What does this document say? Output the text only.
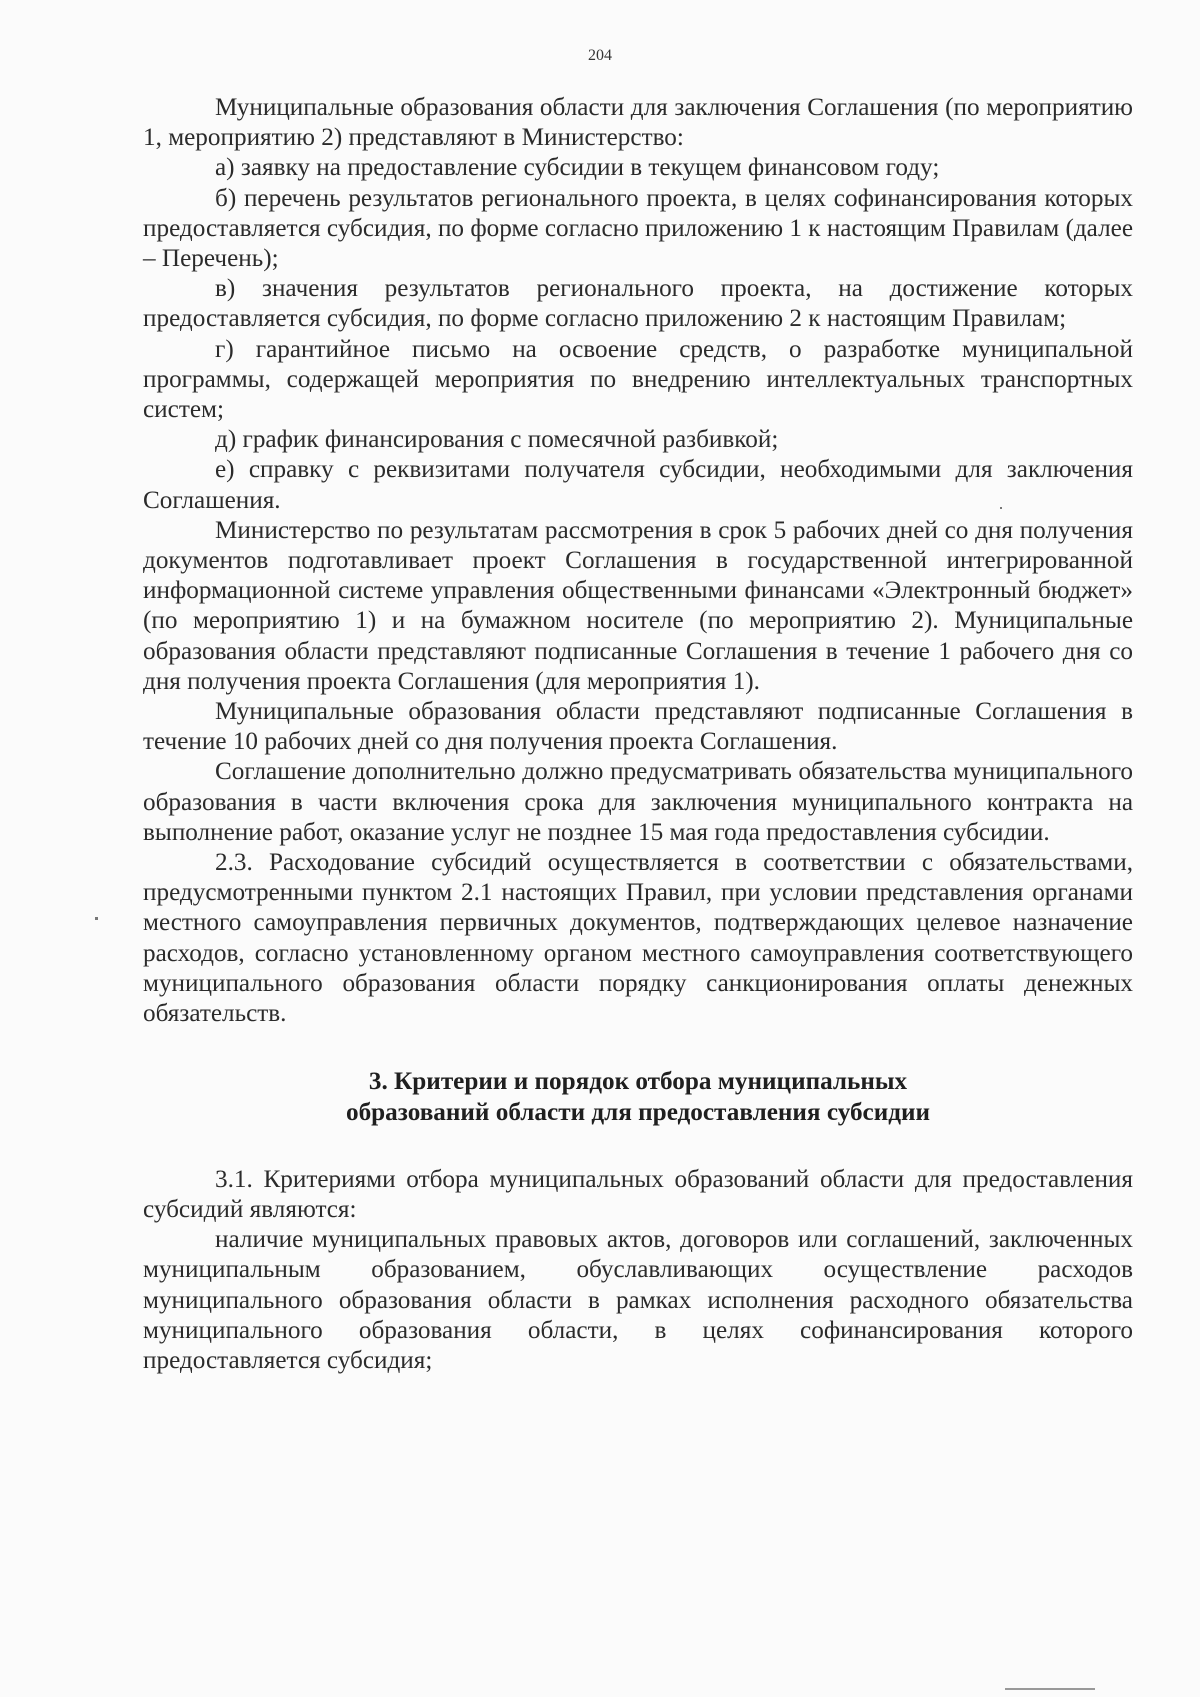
204

Муниципальные образования области для заключения Соглашения (по мероприятию 1, мероприятию 2) представляют в Министерство:

а) заявку на предоставление субсидии в текущем финансовом году;

б) перечень результатов регионального проекта, в целях софинансирования которых предоставляется субсидия, по форме согласно приложению 1 к настоящим Правилам (далее – Перечень);

в) значения результатов регионального проекта, на достижение которых предоставляется субсидия, по форме согласно приложению 2 к настоящим Правилам;

г) гарантийное письмо на освоение средств, о разработке муниципальной программы, содержащей мероприятия по внедрению интеллектуальных транспортных систем;

д) график финансирования с помесячной разбивкой;

е) справку с реквизитами получателя субсидии, необходимыми для заключения Соглашения.

Министерство по результатам рассмотрения в срок 5 рабочих дней со дня получения документов подготавливает проект Соглашения в государственной интегрированной информационной системе управления общественными финансами «Электронный бюджет» (по мероприятию 1) и на бумажном носителе (по мероприятию 2). Муниципальные образования области представляют подписанные Соглашения в течение 1 рабочего дня со дня получения проекта Соглашения (для мероприятия 1).

Муниципальные образования области представляют подписанные Соглашения в течение 10 рабочих дней со дня получения проекта Соглашения.

Соглашение дополнительно должно предусматривать обязательства муниципального образования в части включения срока для заключения муниципального контракта на выполнение работ, оказание услуг не позднее 15 мая года предоставления субсидии.

2.3. Расходование субсидий осуществляется в соответствии с обязательствами, предусмотренными пунктом 2.1 настоящих Правил, при условии представления органами местного самоуправления первичных документов, подтверждающих целевое назначение расходов, согласно установленному органом местного самоуправления соответствующего муниципального образования области порядку санкционирования оплаты денежных обязательств.

3. Критерии и порядок отбора муниципальных

образований области для предоставления субсидии

3.1. Критериями отбора муниципальных образований области для предоставления субсидий являются:

наличие муниципальных правовых актов, договоров или соглашений, заключенных муниципальным образованием, обуславливающих осуществление расходов муниципального образования области в рамках исполнения расходного обязательства муниципального образования области, в целях софинансирования которого предоставляется субсидия;
